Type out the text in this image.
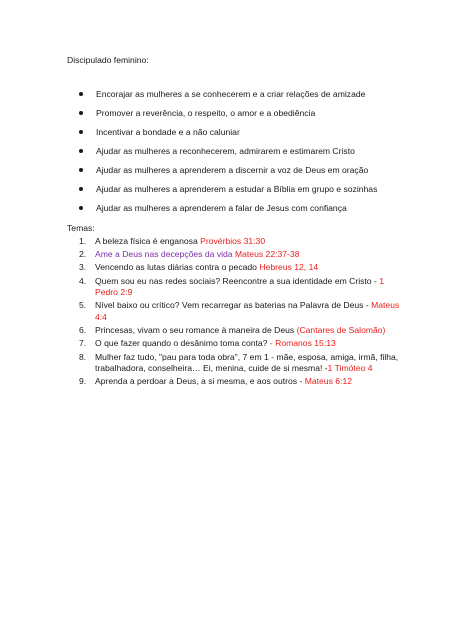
Discipulado feminino:
Encorajar as mulheres a se conhecerem e a criar relações de amizade
Promover a reverência, o respeito, o amor e a obediência
Incentivar a bondade e a não caluniar
Ajudar as mulheres a reconhecerem, admirarem e estimarem Cristo
Ajudar as mulheres a aprenderem a discernir a voz de Deus em oração
Ajudar as mulheres a aprenderem a estudar a Bíblia em grupo e sozinhas
Ajudar as mulheres a aprenderem a falar de Jesus com confiança
Temas:
1. A beleza física é enganosa Provérbios 31:30
2. Ame a Deus nas decepções da vida Mateus 22:37-38
3. Vencendo as lutas diárias contra o pecado Hebreus 12, 14
4. Quem sou eu nas redes sociais? Reencontre a sua identidade em Cristo - 1 Pedro 2:9
5. Nível baixo ou crítico? Vem recarregar as baterias na Palavra de Deus - Mateus 4:4
6. Princesas, vivam o seu romance à maneira de Deus (Cantares de Salomão)
7. O que fazer quando o desânimo toma conta? - Romanos 15:13
8. Mulher faz tudo, "pau para toda obra", 7 em 1 - mãe, esposa, amiga, irmã, filha, trabalhadora, conselheira… Ei, menina, cuide de si mesma! -1 Timóteo 4
9. Aprenda a perdoar a Deus, a si mesma, e aos outros - Mateus 6:12
